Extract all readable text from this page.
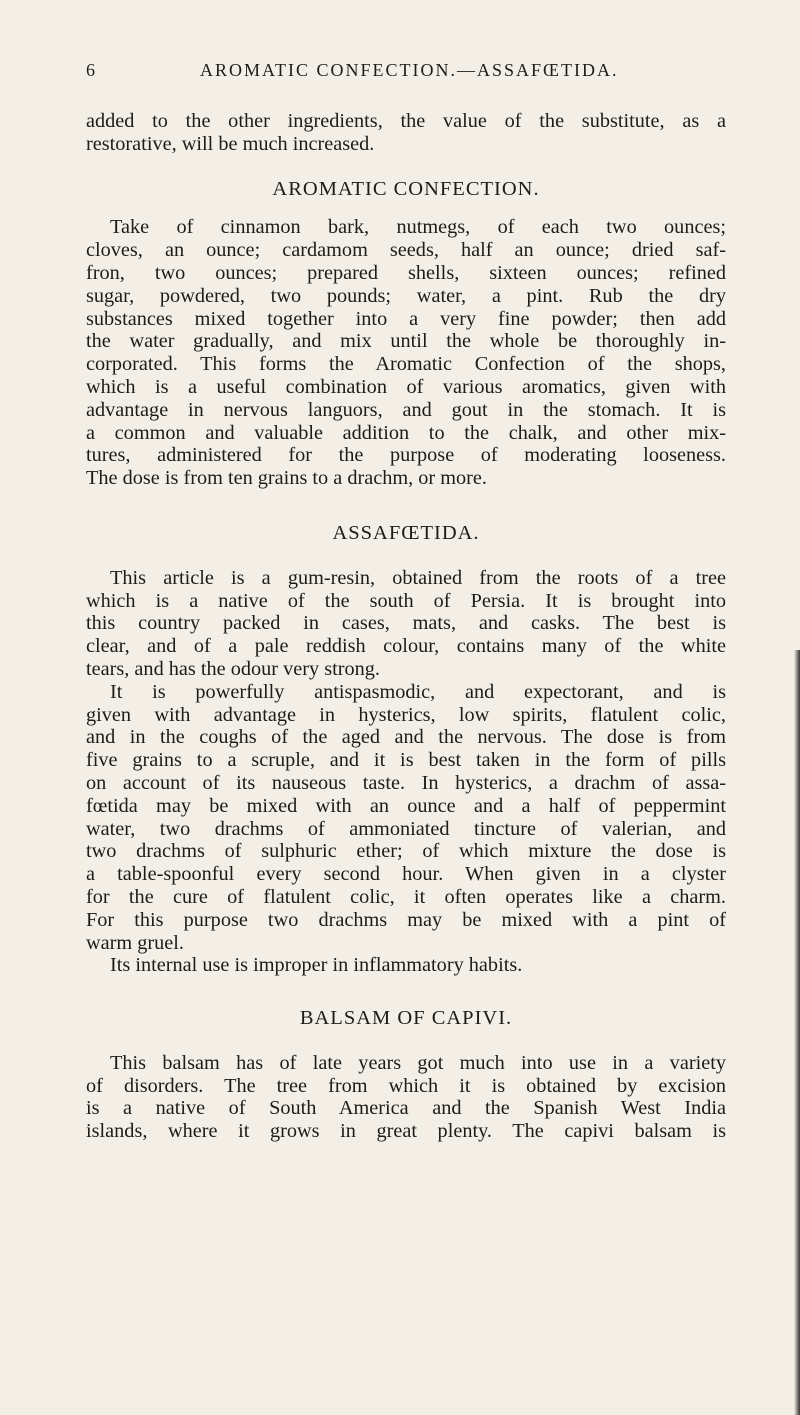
6	AROMATIC CONFECTION.—ASSAFŒTIDA.
added to the other ingredients, the value of the substitute, as a
restorative, will be much increased.
AROMATIC CONFECTION.
Take of cinnamon bark, nutmegs, of each two ounces;
cloves, an ounce; cardamom seeds, half an ounce; dried saf-
fron, two ounces; prepared shells, sixteen ounces; refined
sugar, powdered, two pounds; water, a pint. Rub the dry
substances mixed together into a very fine powder; then add
the water gradually, and mix until the whole be thoroughly in-
corporated. This forms the Aromatic Confection of the shops,
which is a useful combination of various aromatics, given with
advantage in nervous languors, and gout in the stomach. It is
a common and valuable addition to the chalk, and other mix-
tures, administered for the purpose of moderating looseness.
The dose is from ten grains to a drachm, or more.
ASSAFŒTIDA.
This article is a gum-resin, obtained from the roots of a tree
which is a native of the south of Persia. It is brought into
this country packed in cases, mats, and casks. The best is
clear, and of a pale reddish colour, contains many of the white
tears, and has the odour very strong.
It is powerfully antispasmodic, and expectorant, and is
given with advantage in hysterics, low spirits, flatulent colic,
and in the coughs of the aged and the nervous. The dose is from
five grains to a scruple, and it is best taken in the form of pills
on account of its nauseous taste. In hysterics, a drachm of assa-
fœtida may be mixed with an ounce and a half of peppermint
water, two drachms of ammoniated tincture of valerian, and
two drachms of sulphuric ether; of which mixture the dose is
a table-spoonful every second hour. When given in a clyster
for the cure of flatulent colic, it often operates like a charm.
For this purpose two drachms may be mixed with a pint of
warm gruel.
Its internal use is improper in inflammatory habits.
BALSAM OF CAPIVI.
This balsam has of late years got much into use in a variety
of disorders. The tree from which it is obtained by excision
is a native of South America and the Spanish West India
islands, where it grows in great plenty. The capivi balsam is
